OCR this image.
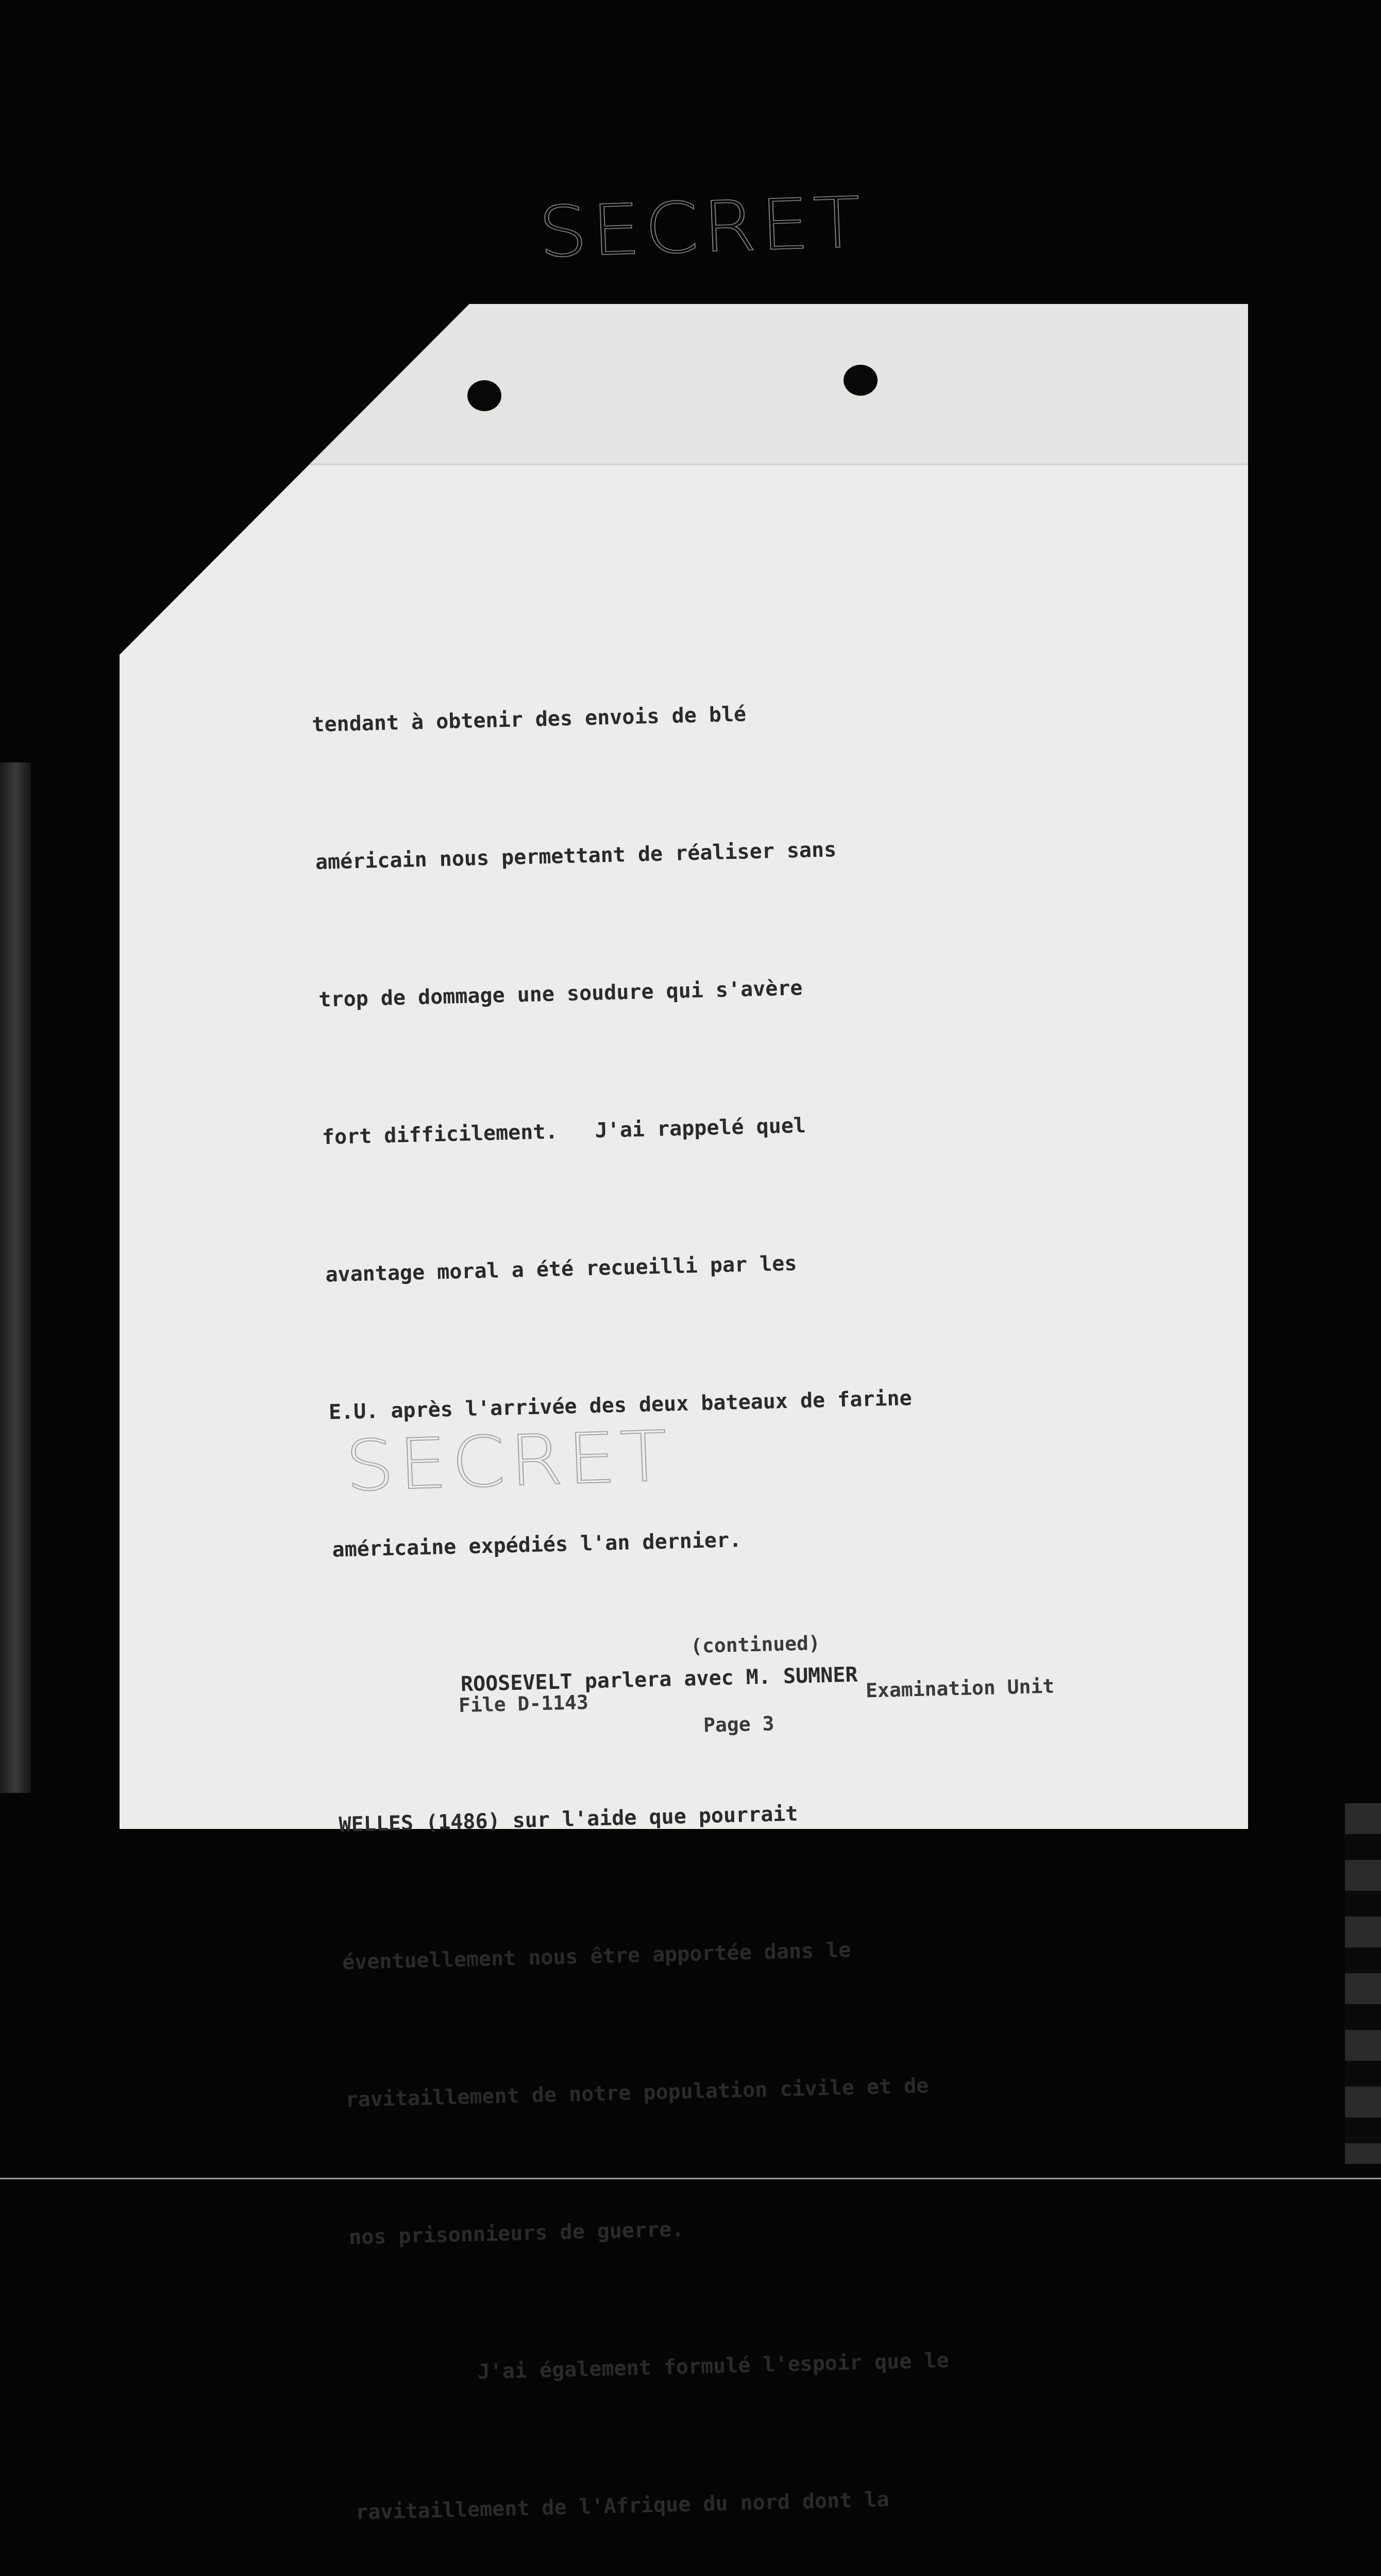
SECRET

tendant à obtenir des envois de blé

américain nous permettant de réaliser sans

trop de dommage une soudure qui s'avère

fort difficilement.   J'ai rappelé quel

avantage moral a été recueilli par les

E.U. après l'arrivée des deux bateaux de farine

américaine expédiés l'an dernier.

ROOSEVELT parlera avec M. SUMNER

WELLES (1486) sur l'aide que pourrait

éventuellement nous être apportée dans le

ravitaillement de notre population civile et de

nos prisonnieurs de guerre.

J'ai également formulé l'espoir que le

ravitaillement de l'Afrique du nord dont la

(continued)
File D-1143
Page 3
Examination Unit
SECRET
